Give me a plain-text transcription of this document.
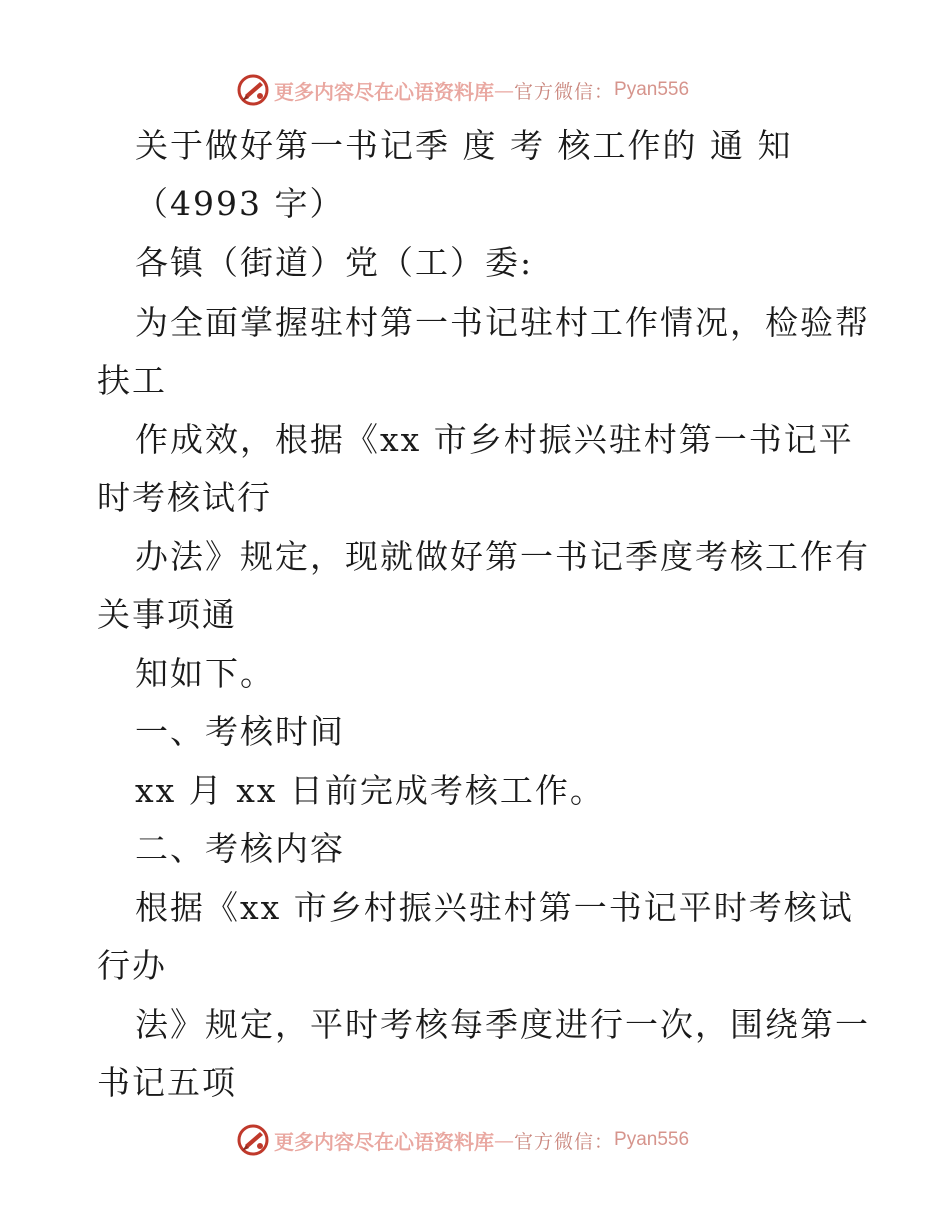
更多内容尽在心语资料库 — 官方微信： Pyan556
关于做好第一书记季 度 考 核工作的 通 知
（4993 字）
各镇（街道）党（工）委:
为全面掌握驻村第一书记驻村工作情况，检验帮
扶工
作成效，根据《xx 市乡村振兴驻村第一书记平
时考核试行
办法》规定，现就做好第一书记季度考核工作有
关事项通
知如下。
一、考核时间
xx 月 xx 日前完成考核工作。
二、考核内容
根据《xx 市乡村振兴驻村第一书记平时考核试
行办
法》规定，平时考核每季度进行一次，围绕第一
书记五项
更多内容尽在心语资料库 — 官方微信： Pyan556
